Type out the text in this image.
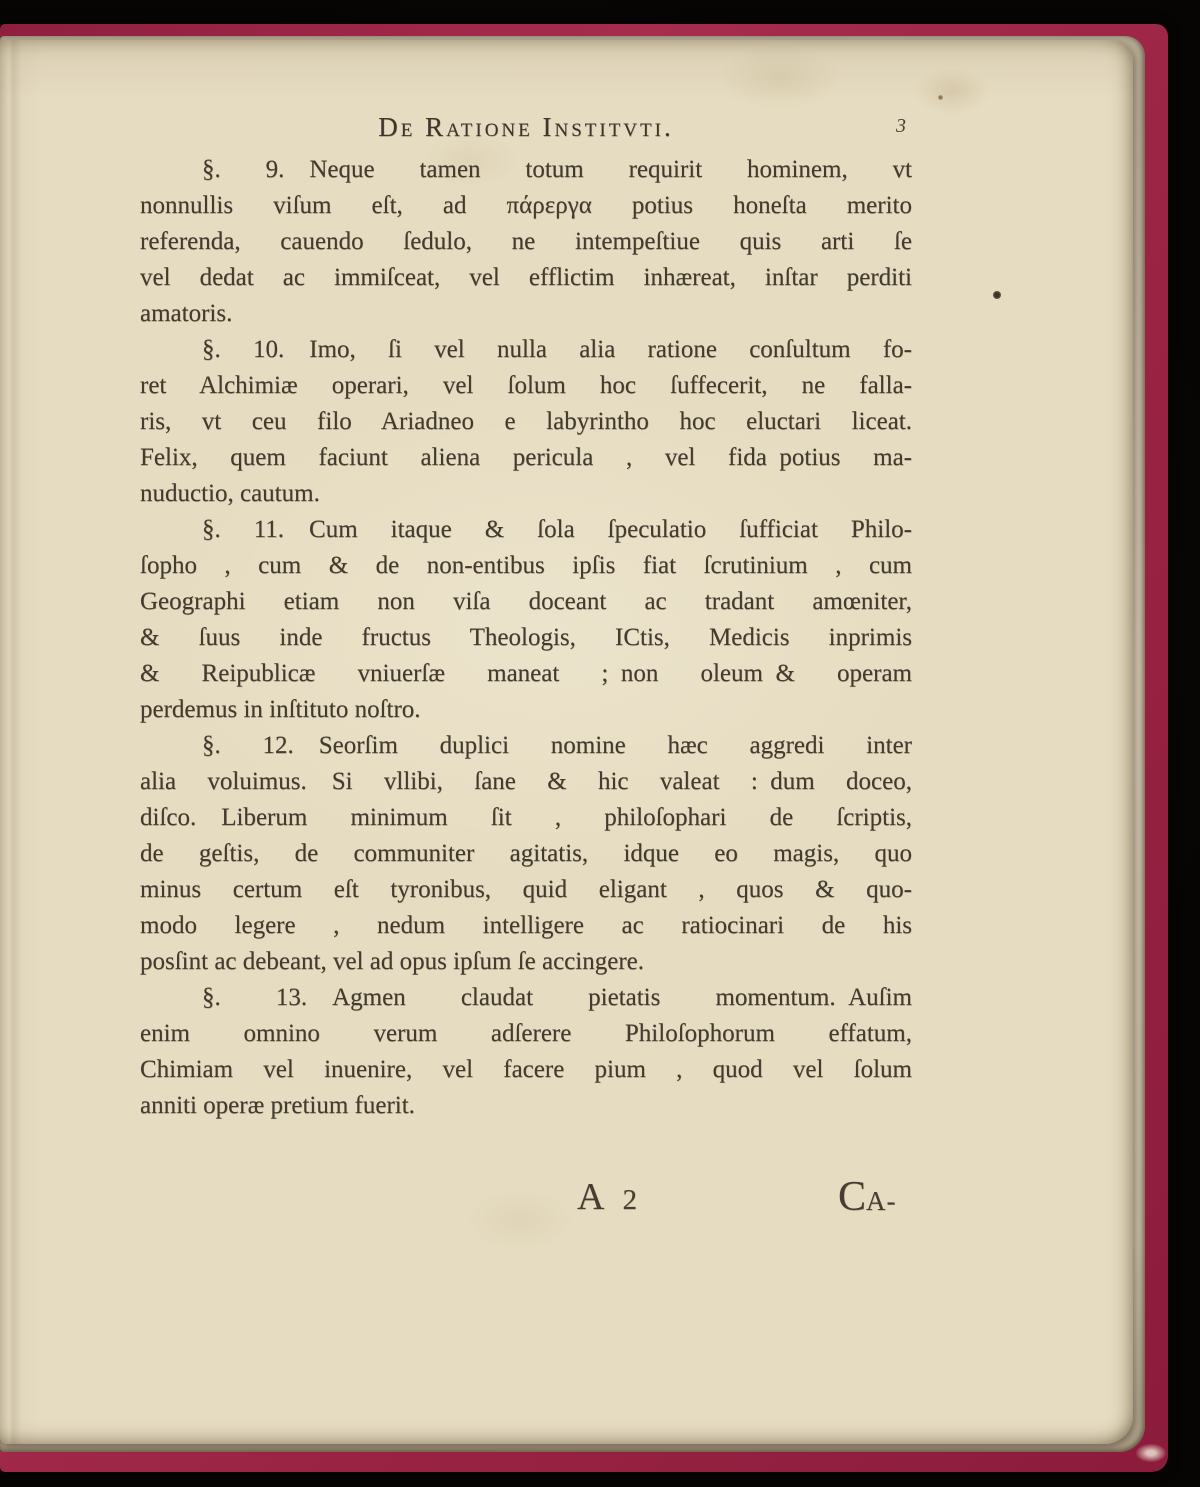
De Ratione Institvti.	3
§. 9.  Neque tamen totum requirit hominem, vt
nonnullis viſum eſt, ad πάρεργα potius honeſta merito
referenda, cauendo ſedulo, ne intempeſtiue quis arti ſe
vel dedat ac immiſceat, vel efflictim inhæreat, inſtar perditi
amatoris.
§. 10.  Imo, ſi vel nulla alia ratione conſultum fo-
ret Alchimiæ operari, vel ſolum hoc ſuffecerit, ne falla-
ris, vt ceu filo Ariadneo e labyrintho hoc eluctari liceat.
Felix, quem faciunt aliena pericula , vel fida potius ma-
nuductio, cautum.
§. 11.  Cum itaque & ſola ſpeculatio ſufficiat Philo-
ſopho , cum & de non-entibus ipſis fiat ſcrutinium , cum
Geographi etiam non viſa doceant ac tradant amœniter,
& ſuus inde fructus Theologis, ICtis, Medicis inprimis
& Reipublicæ vniuerſæ maneat ; non oleum & operam
perdemus in inſtituto noſtro.
§. 12.  Seorſim duplici nomine hæc aggredi inter
alia voluimus.  Si vllibi, ſane & hic valeat : dum doceo,
diſco.  Liberum minimum ſit , philoſophari de ſcriptis,
de geſtis, de communiter agitatis, idque eo magis, quo
minus certum eſt tyronibus, quid eligant , quos & quo-
modo legere , nedum intelligere ac ratiocinari de his
posſint ac debeant, vel ad opus ipſum ſe accingere.
§. 13.  Agmen claudat pietatis momentum. Auſim
enim omnino verum adſerere Philoſophorum effatum,
Chimiam vel inuenire, vel facere pium , quod vel ſolum
anniti operæ pretium fuerit.
A 2	C A-
